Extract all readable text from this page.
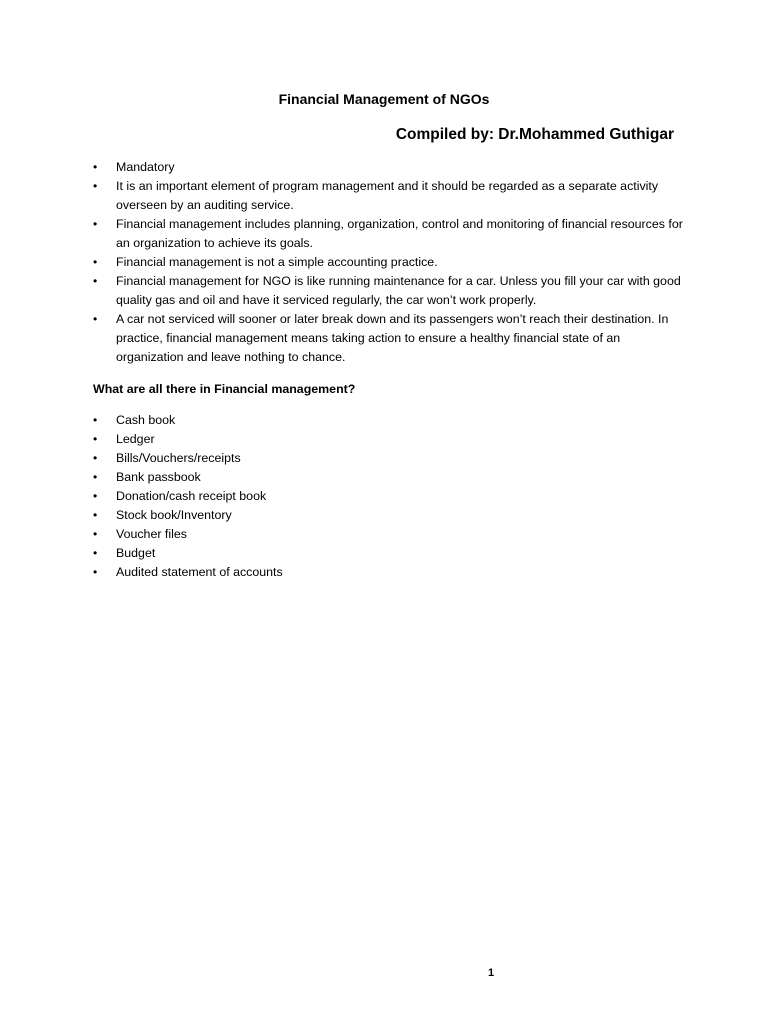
Financial Management of NGOs
Compiled by: Dr.Mohammed Guthigar
•	Mandatory
•	It is an important element of program management and it should be regarded as a separate activity overseen by an auditing service.
•	Financial management includes planning, organization, control and monitoring of financial resources for an organization to achieve its goals.
•	Financial management is not a simple accounting practice.
•	Financial management for NGO is like running maintenance for a car. Unless you fill your car with good quality gas and oil and have it serviced regularly, the car won’t work properly.
•	A car not serviced will sooner or later break down and its passengers won’t reach their destination. In practice, financial management means taking action to ensure a healthy financial state of an organization and leave nothing to chance.
What are all there in Financial management?
•	Cash book
•	Ledger
•	Bills/Vouchers/receipts
•	Bank passbook
•	Donation/cash receipt book
•	Stock book/Inventory
•	Voucher files
•	Budget
•	Audited statement of accounts
1
